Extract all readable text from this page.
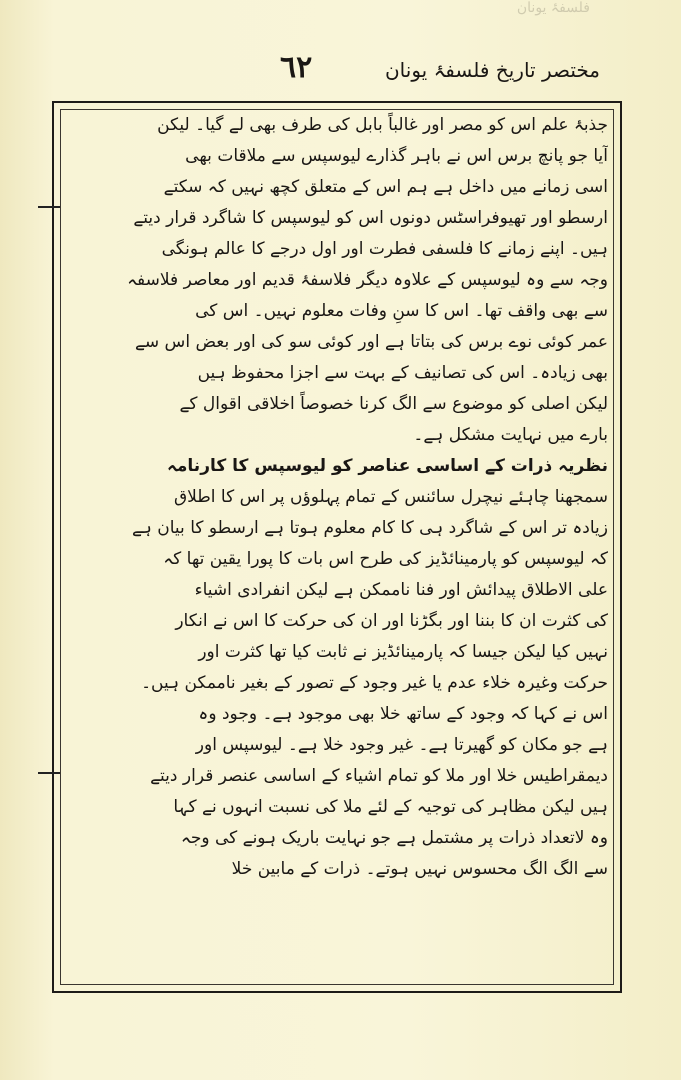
فلسفۂ یونان
٦٢	مختصر تاریخ فلسفۂ یونان
جذبۂ علم اس کو مصر اور غالباً بابل کی طرف بھی لے گیا۔ لیکن
آیا جو پانچ برس اس نے باہر گذارے لیوسپس سے ملاقات بھی
اسی زمانے میں داخل ہے ہم اس کے متعلق کچھ نہیں کہ سکتے
ارسطو اور تھیوفراسٹس دونوں اس کو لیوسپس کا شاگرد قرار دیتے
ہیں۔ اپنے زمانے کا فلسفی فطرت اور اول درجے کا عالم ہونگی
وجہ سے وہ لیوسپس کے علاوہ دیگر فلاسفۂ قدیم اور معاصر فلاسفہ
سے بھی واقف تھا۔ اس کا سنِ وفات معلوم نہیں۔ اس کی
عمر کوئی نوے برس کی بتاتا ہے اور کوئی سو کی اور بعض اس سے
بھی زیادہ۔ اس کی تصانیف کے بہت سے اجزا محفوظ ہیں
لیکن اصلی کو موضوع سے الگ کرنا خصوصاً اخلاقی اقوال کے
بارے میں نہایت مشکل ہے۔
نظریہ ذرات کے اساسی عناصر کو لیوسپس کا کارنامہ
سمجھنا چاہئے نیچرل سائنس کے تمام پہلوؤں پر اس کا اطلاق
زیادہ تر اس کے شاگرد ہی کا کام معلوم ہوتا ہے ارسطو کا بیان ہے
کہ لیوسپس کو پارمینائڈیز کی طرح اس بات کا پورا یقین تھا کہ
علی الاطلاق پیدائش اور فنا ناممکن ہے لیکن انفرادی اشیاء
کی کثرت ان کا بننا اور بگڑنا اور ان کی حرکت کا اس نے انکار
نہیں کیا لیکن جیسا کہ پارمینائڈیز نے ثابت کیا تھا کثرت اور
حرکت وغیرہ خلاء عدم یا غیر وجود کے تصور کے بغیر ناممکن ہیں۔
اس نے کہا کہ وجود کے ساتھ خلا بھی موجود ہے۔ وجود وہ
ہے جو مکان کو گھیرتا ہے۔ غیر وجود خلا ہے۔ لیوسپس اور
دیمقراطیس خلا اور ملا کو تمام اشیاء کے اساسی عنصر قرار دیتے
ہیں لیکن مظاہر کی توجیہ کے لئے ملا کی نسبت انہوں نے کہا
وہ لاتعداد ذرات پر مشتمل ہے جو نہایت باریک ہونے کی وجہ
سے الگ الگ محسوس نہیں ہوتے۔ ذرات کے مابین خلا
